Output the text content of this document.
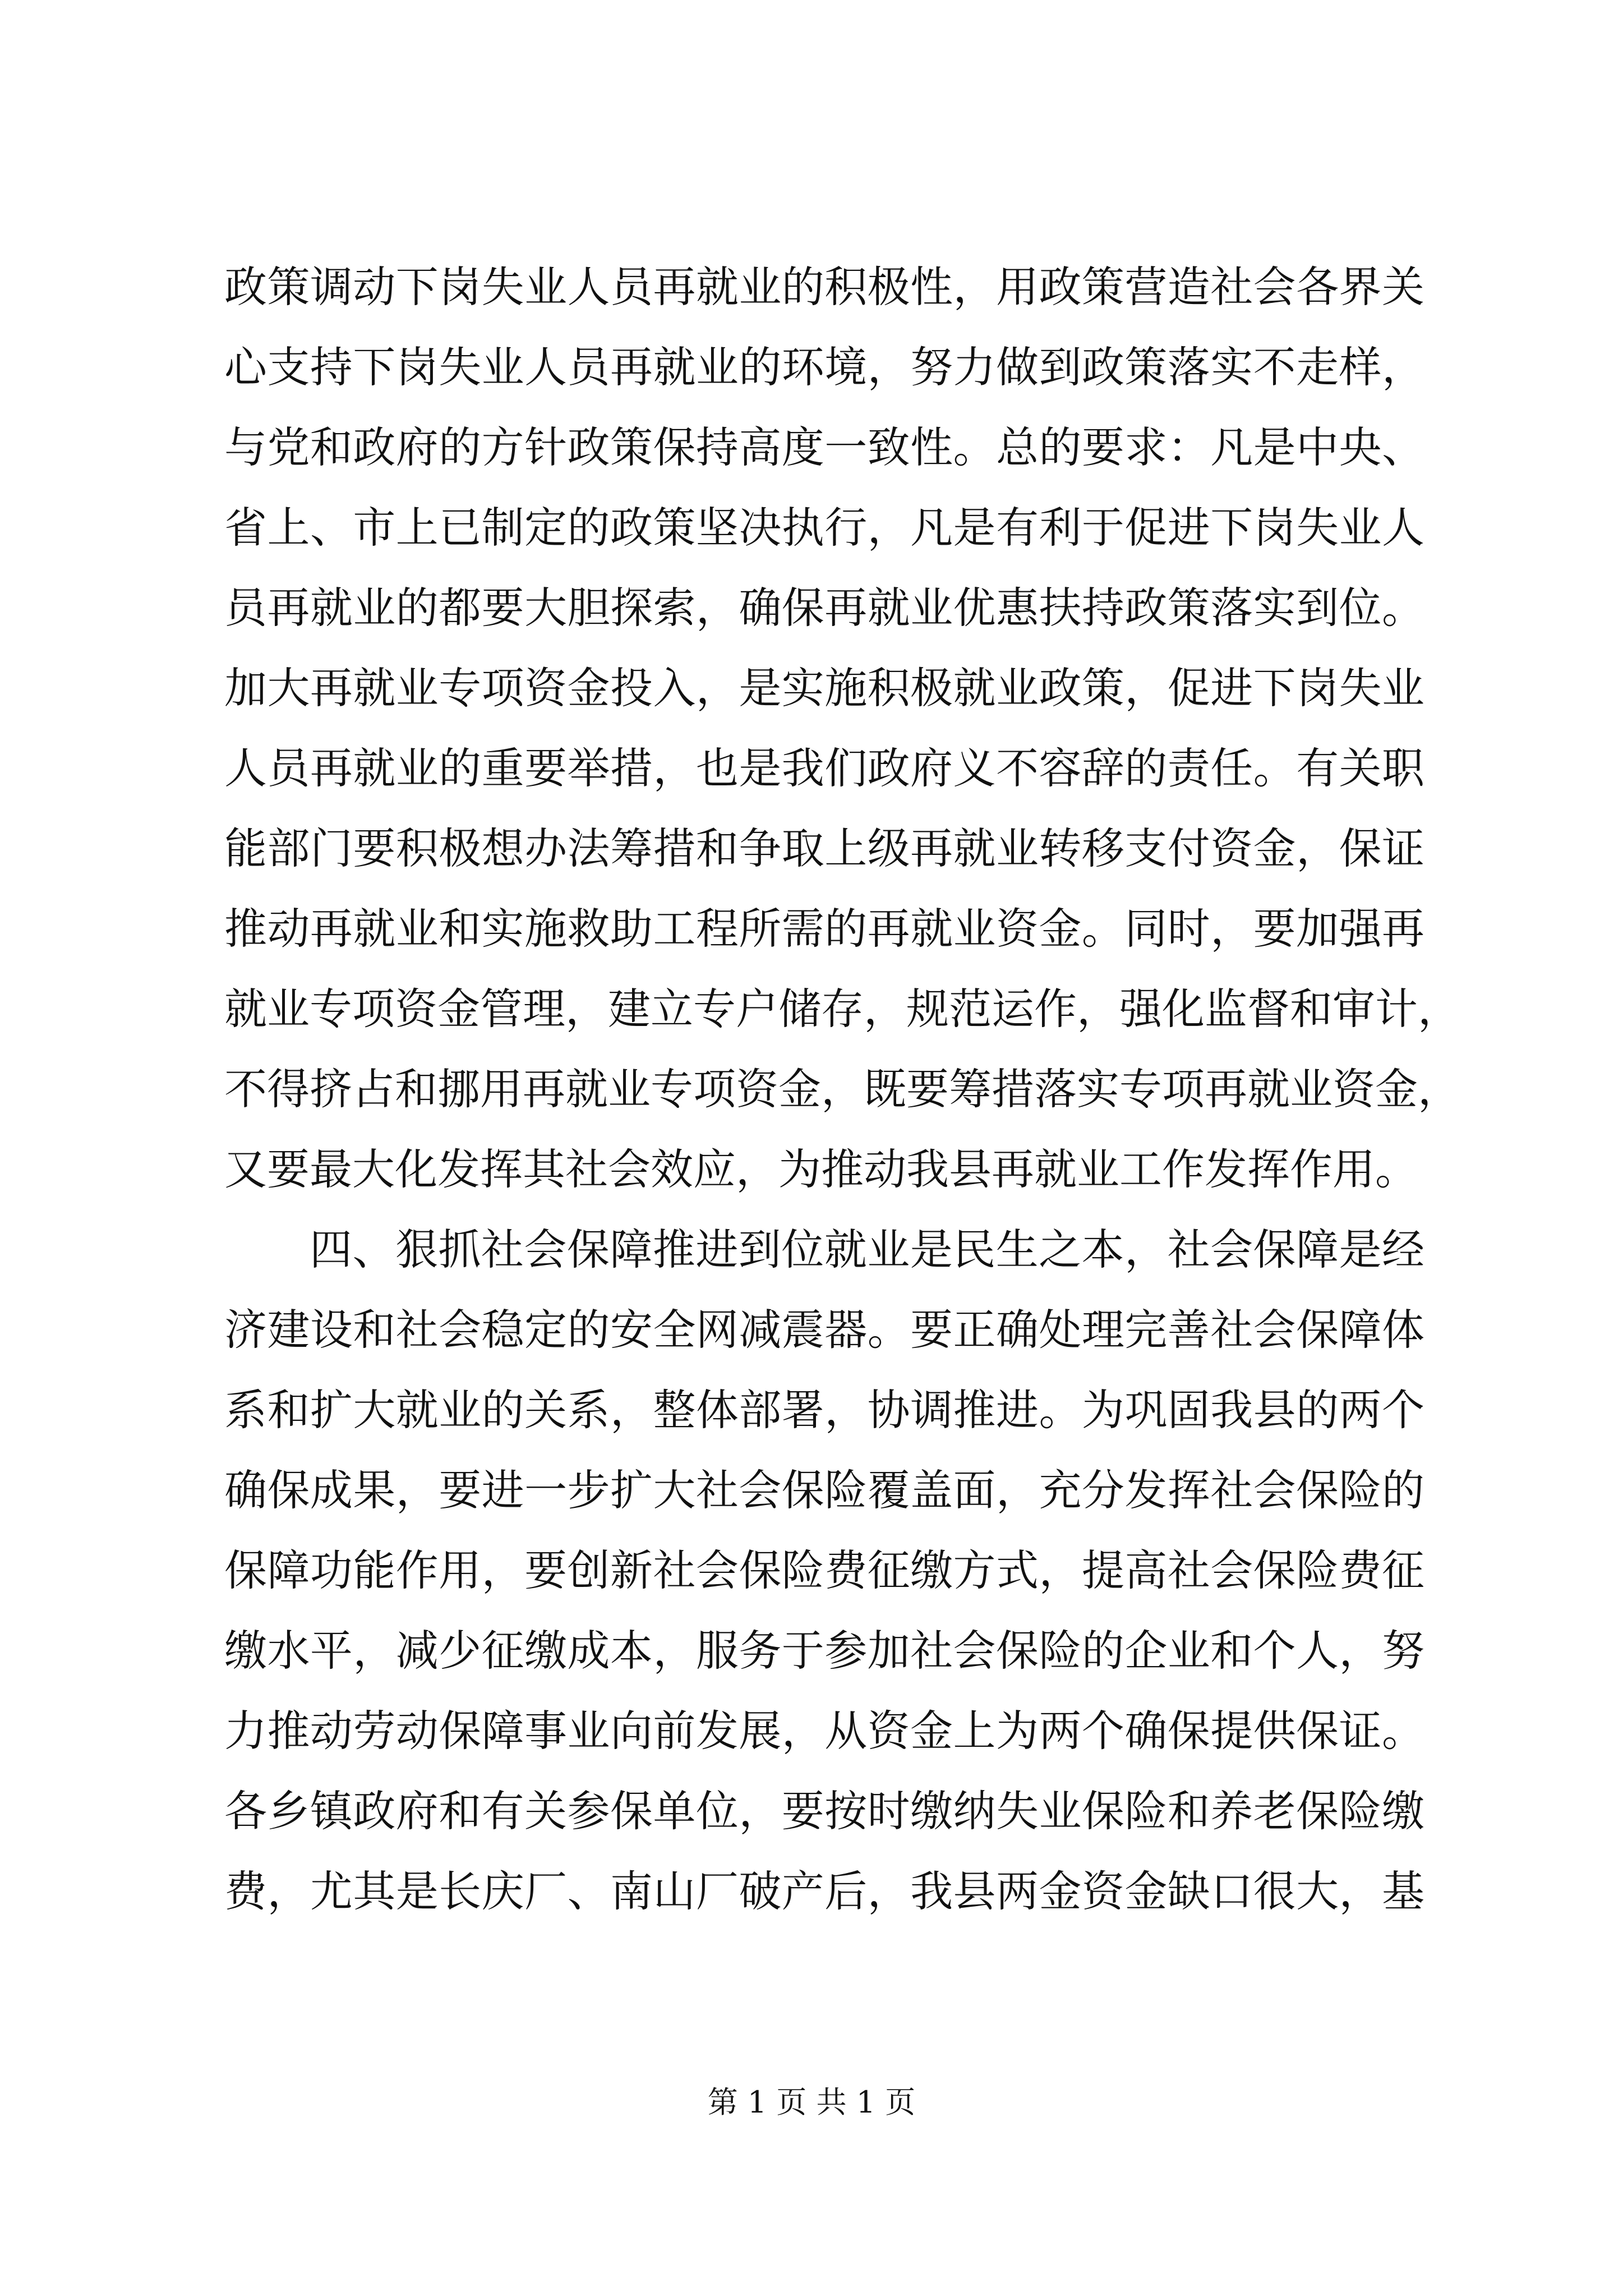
政策调动下岗失业人员再就业的积极性，用政策营造社会各界关
心支持下岗失业人员再就业的环境，努力做到政策落实不走样，
与党和政府的方针政策保持高度一致性。总的要求：凡是中央、
省上、市上已制定的政策坚决执行，凡是有利于促进下岗失业人
员再就业的都要大胆探索，确保再就业优惠扶持政策落实到位。
加大再就业专项资金投入，是实施积极就业政策，促进下岗失业
人员再就业的重要举措，也是我们政府义不容辞的责任。有关职
能部门要积极想办法筹措和争取上级再就业转移支付资金，保证
推动再就业和实施救助工程所需的再就业资金。同时，要加强再
就业专项资金管理，建立专户储存，规范运作，强化监督和审计，
不得挤占和挪用再就业专项资金，既要筹措落实专项再就业资金，
又要最大化发挥其社会效应，为推动我县再就业工作发挥作用。
四、狠抓社会保障推进到位就业是民生之本，社会保障是经
济建设和社会稳定的安全网减震器。要正确处理完善社会保障体
系和扩大就业的关系，整体部署，协调推进。为巩固我县的两个
确保成果，要进一步扩大社会保险覆盖面，充分发挥社会保险的
保障功能作用，要创新社会保险费征缴方式，提高社会保险费征
缴水平，减少征缴成本，服务于参加社会保险的企业和个人，努
力推动劳动保障事业向前发展，从资金上为两个确保提供保证。
各乡镇政府和有关参保单位，要按时缴纳失业保险和养老保险缴
费，尤其是长庆厂、南山厂破产后，我县两金资金缺口很大，基
第 1 页 共 1 页
